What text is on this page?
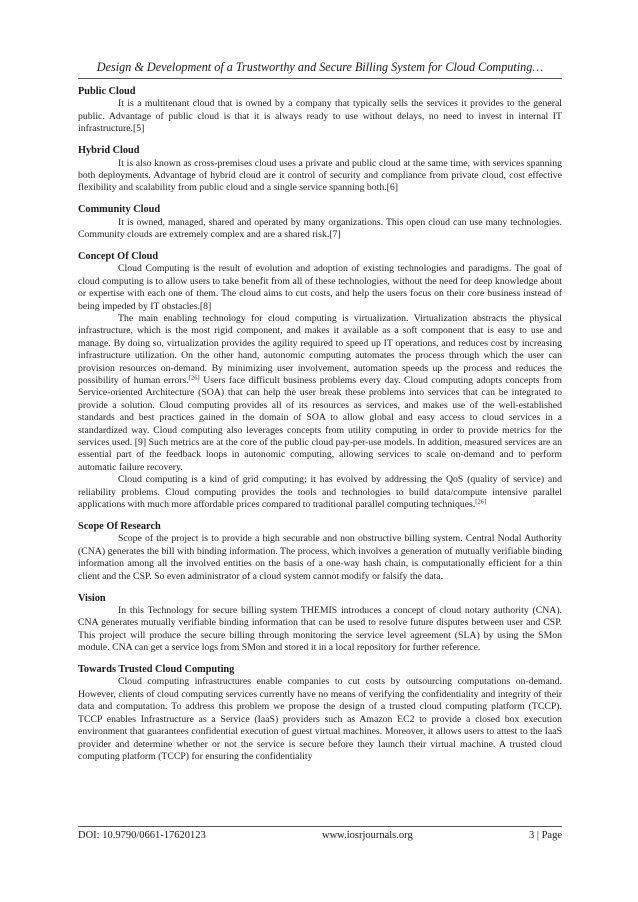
Design & Development of a Trustworthy and Secure Billing System for Cloud Computing…
Public Cloud

It is a multitenant cloud that is owned by a company that typically sells the services it provides to the general public. Advantage of public cloud is that it is always ready to use without delays, no need to invest in internal IT infrastructure.[5]

Hybrid Cloud

It is also known as cross-premises cloud uses a private and public cloud at the same time, with services spanning both deployments. Advantage of hybrid cloud are it control of security and compliance from private cloud, cost effective flexibility and scalability from public cloud and a single service spanning both.[6]

Community Cloud

It is owned, managed, shared and operated by many organizations. This open cloud can use many technologies. Community clouds are extremely complex and are a shared risk.[7]

Concept Of Cloud

Cloud Computing is the result of evolution and adoption of existing technologies and paradigms. The goal of cloud computing is to allow users to take benefit from all of these technologies, without the need for deep knowledge about or expertise with each one of them. The cloud aims to cut costs, and help the users focus on their core business instead of being impeded by IT obstacles.[8]

The main enabling technology for cloud computing is virtualization. Virtualization abstracts the physical infrastructure, which is the most rigid component, and makes it available as a soft component that is easy to use and manage. By doing so, virtualization provides the agility required to speed up IT operations, and reduces cost by increasing infrastructure utilization. On the other hand, autonomic computing automates the process through which the user can provision resources on-demand. By minimizing user involvement, automation speeds up the process and reduces the possibility of human errors.[26] Users face difficult business problems every day. Cloud computing adopts concepts from Service-oriented Architecture (SOA) that can help the user break these problems into services that can be integrated to provide a solution. Cloud computing provides all of its resources as services, and makes use of the well-established standards and best practices gained in the domain of SOA to allow global and easy access to cloud services in a standardized way. Cloud computing also leverages concepts from utility computing in order to provide metrics for the services used. [9] Such metrics are at the core of the public cloud pay-per-use models. In addition, measured services are an essential part of the feedback loops in autonomic computing, allowing services to scale on-demand and to perform automatic failure recovery.

Cloud computing is a kind of grid computing; it has evolved by addressing the QoS (quality of service) and reliability problems. Cloud computing provides the tools and technologies to build data/compute intensive parallel applications with much more affordable prices compared to traditional parallel computing techniques.[26]

Scope Of Research

Scope of the project is to provide a high securable and non obstructive billing system. Central Nodal Authority (CNA) generates the bill with binding information. The process, which involves a generation of mutually verifiable binding information among all the involved entities on the basis of a one-way hash chain, is computationally efficient for a thin client and the CSP. So even administrator of a cloud system cannot modify or falsify the data.

Vision

In this Technology for secure billing system THEMIS introduces a concept of cloud notary authority (CNA). CNA generates mutually verifiable binding information that can be used to resolve future disputes between user and CSP. This project will produce the secure billing through monitoring the service level agreement (SLA) by using the SMon module. CNA can get a service logs from SMon and stored it in a local repository for further reference.

Towards Trusted Cloud Computing

Cloud computing infrastructures enable companies to cut costs by outsourcing computations on-demand. However, clients of cloud computing services currently have no means of verifying the confidentiality and integrity of their data and computation. To address this problem we propose the design of a trusted cloud computing platform (TCCP). TCCP enables Infrastructure as a Service (IaaS) providers such as Amazon EC2 to provide a closed box execution environment that guarantees confidential execution of guest virtual machines. Moreover, it allows users to attest to the IaaS provider and determine whether or not the service is secure before they launch their virtual machine. A trusted cloud computing platform (TCCP) for ensuring the confidentiality

DOI: 10.9790/0661-17620123	www.iosrjournals.org	3 | Page
